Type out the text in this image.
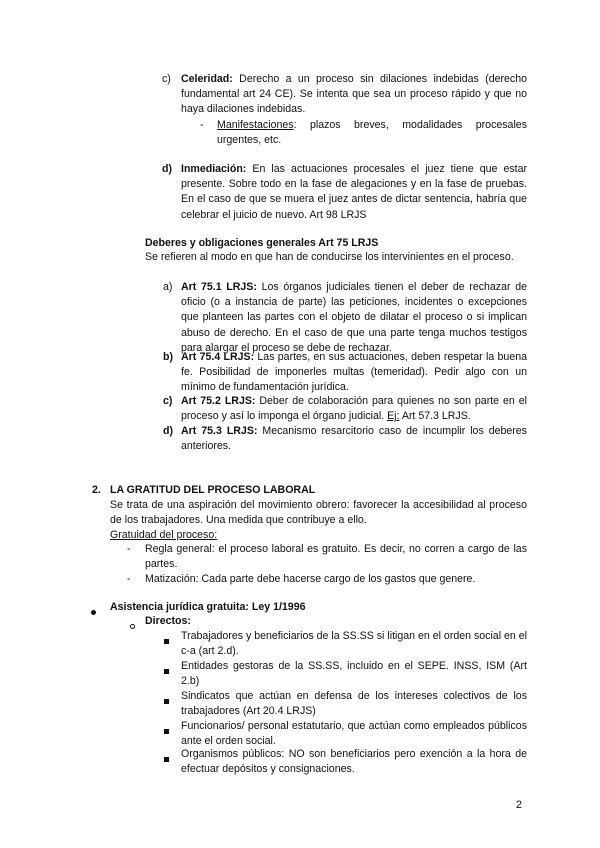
c) Celeridad: Derecho a un proceso sin dilaciones indebidas (derecho fundamental art 24 CE). Se intenta que sea un proceso rápido y que no haya dilaciones indebidas.
- Manifestaciones: plazos breves, modalidades procesales urgentes, etc.
d) Inmediación: En las actuaciones procesales el juez tiene que estar presente. Sobre todo en la fase de alegaciones y en la fase de pruebas. En el caso de que se muera el juez antes de dictar sentencia, habría que celebrar el juicio de nuevo. Art 98 LRJS
Deberes y obligaciones generales Art 75 LRJS
Se refieren al modo en que han de conducirse los intervinientes en el proceso.
a) Art 75.1 LRJS: Los órganos judiciales tienen el deber de rechazar de oficio (o a instancia de parte) las peticiones, incidentes o excepciones que planteen las partes con el objeto de dilatar el proceso o si implican abuso de derecho. En el caso de que una parte tenga muchos testigos para alargar el proceso se debe de rechazar.
b) Art 75.4 LRJS: Las partes, en sus actuaciones, deben respetar la buena fe. Posibilidad de imponerles multas (temeridad). Pedir algo con un mínimo de fundamentación jurídica.
c) Art 75.2 LRJS: Deber de colaboración para quienes no son parte en el proceso y así lo imponga el órgano judicial. Ej: Art 57.3 LRJS.
d) Art 75.3 LRJS: Mecanismo resarcitorio caso de incumplir los deberes anteriores.
2. LA GRATITUD DEL PROCESO LABORAL
Se trata de una aspiración del movimiento obrero: favorecer la accesibilidad al proceso de los trabajadores. Una medida que contribuye a ello.
Gratuidad del proceso:
- Regla general: el proceso laboral es gratuito. Es decir, no corren a cargo de las partes.
- Matización: Cada parte debe hacerse cargo de los gastos que genere.
Asistencia jurídica gratuita: Ley 1/1996
Directos:
Trabajadores y beneficiarios de la SS.SS si litigan en el orden social en el c-a (art 2.d).
Entidades gestoras de la SS.SS, incluido en el SEPE. INSS, ISM (Art 2.b)
Sindicatos que actúan en defensa de los intereses colectivos de los trabajadores (Art 20.4 LRJS)
Funcionarios/ personal estatutario, que actúan como empleados públicos ante el orden social.
Organismos públicos: NO son beneficiarios pero exención a la hora de efectuar depósitos y consignaciones.
2
